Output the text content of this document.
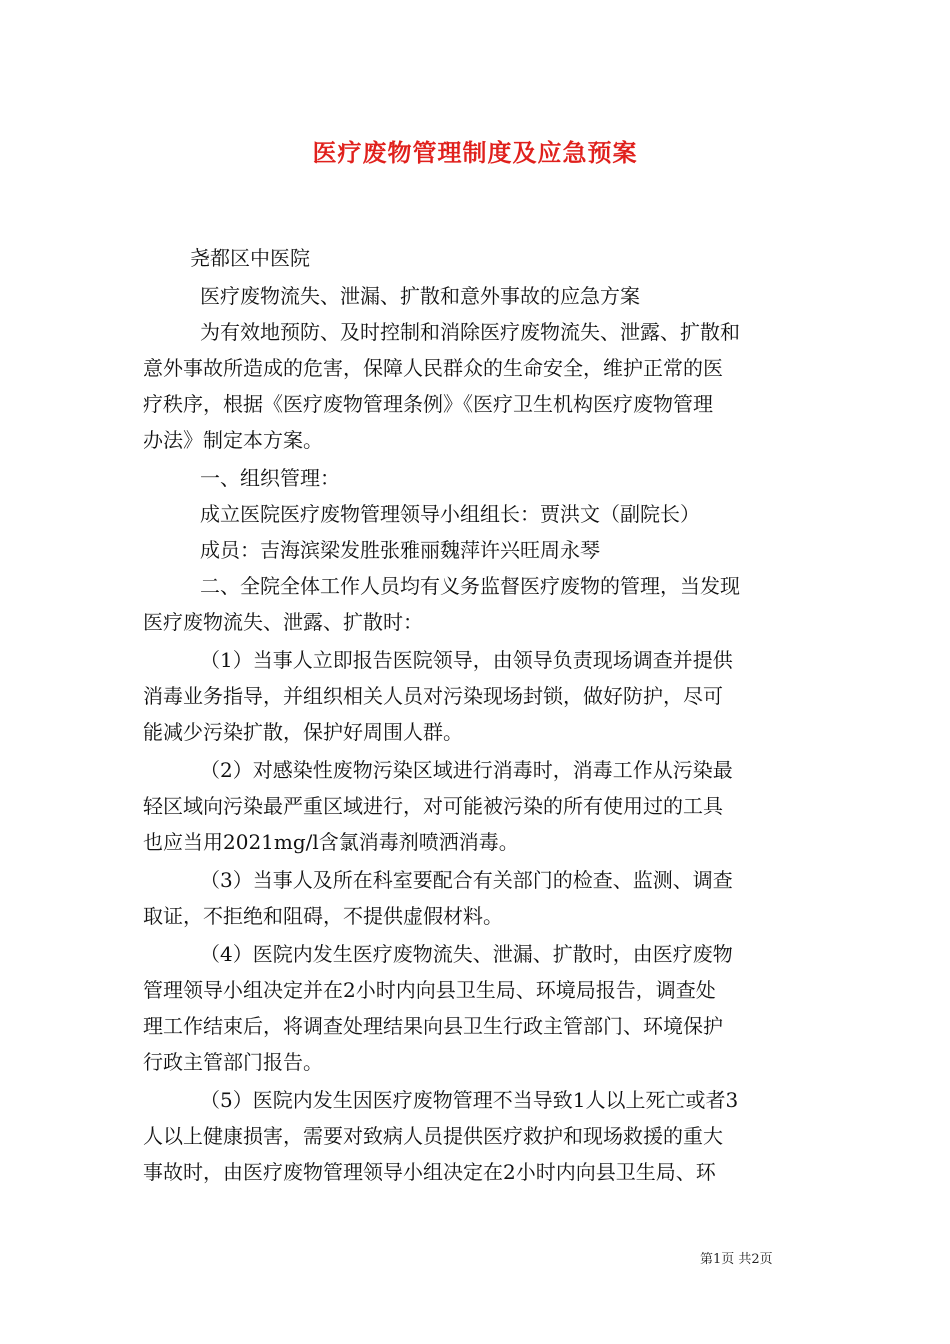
医疗废物管理制度及应急预案

尧都区中医院

医疗废物流失、泄漏、扩散和意外事故的应急方案

为有效地预防、及时控制和消除医疗废物流失、泄露、扩散和

意外事故所造成的危害，保障人民群众的生命安全，维护正常的医

疗秩序，根据《医疗废物管理条例》《医疗卫生机构医疗废物管理

办法》制定本方案。

一、组织管理：

成立医院医疗废物管理领导小组组长：贾洪文（副院长）

成员：吉海滨梁发胜张雅丽魏萍许兴旺周永琴

二、全院全体工作人员均有义务监督医疗废物的管理，当发现

医疗废物流失、泄露、扩散时：

（1）当事人立即报告医院领导，由领导负责现场调查并提供

消毒业务指导，并组织相关人员对污染现场封锁，做好防护，尽可

能减少污染扩散，保护好周围人群。

（2）对感染性废物污染区域进行消毒时，消毒工作从污染最

轻区域向污染最严重区域进行，对可能被污染的所有使用过的工具

也应当用2021mg/l含氯消毒剂喷洒消毒。

（3）当事人及所在科室要配合有关部门的检查、监测、调查

取证，不拒绝和阻碍，不提供虚假材料。

（4）医院内发生医疗废物流失、泄漏、扩散时，由医疗废物

管理领导小组决定并在2小时内向县卫生局、环境局报告，调查处

理工作结束后，将调查处理结果向县卫生行政主管部门、环境保护

行政主管部门报告。

（5）医院内发生因医疗废物管理不当导致1人以上死亡或者3

人以上健康损害，需要对致病人员提供医疗救护和现场救援的重大

事故时，由医疗废物管理领导小组决定在2小时内向县卫生局、环

第1页 共2页
